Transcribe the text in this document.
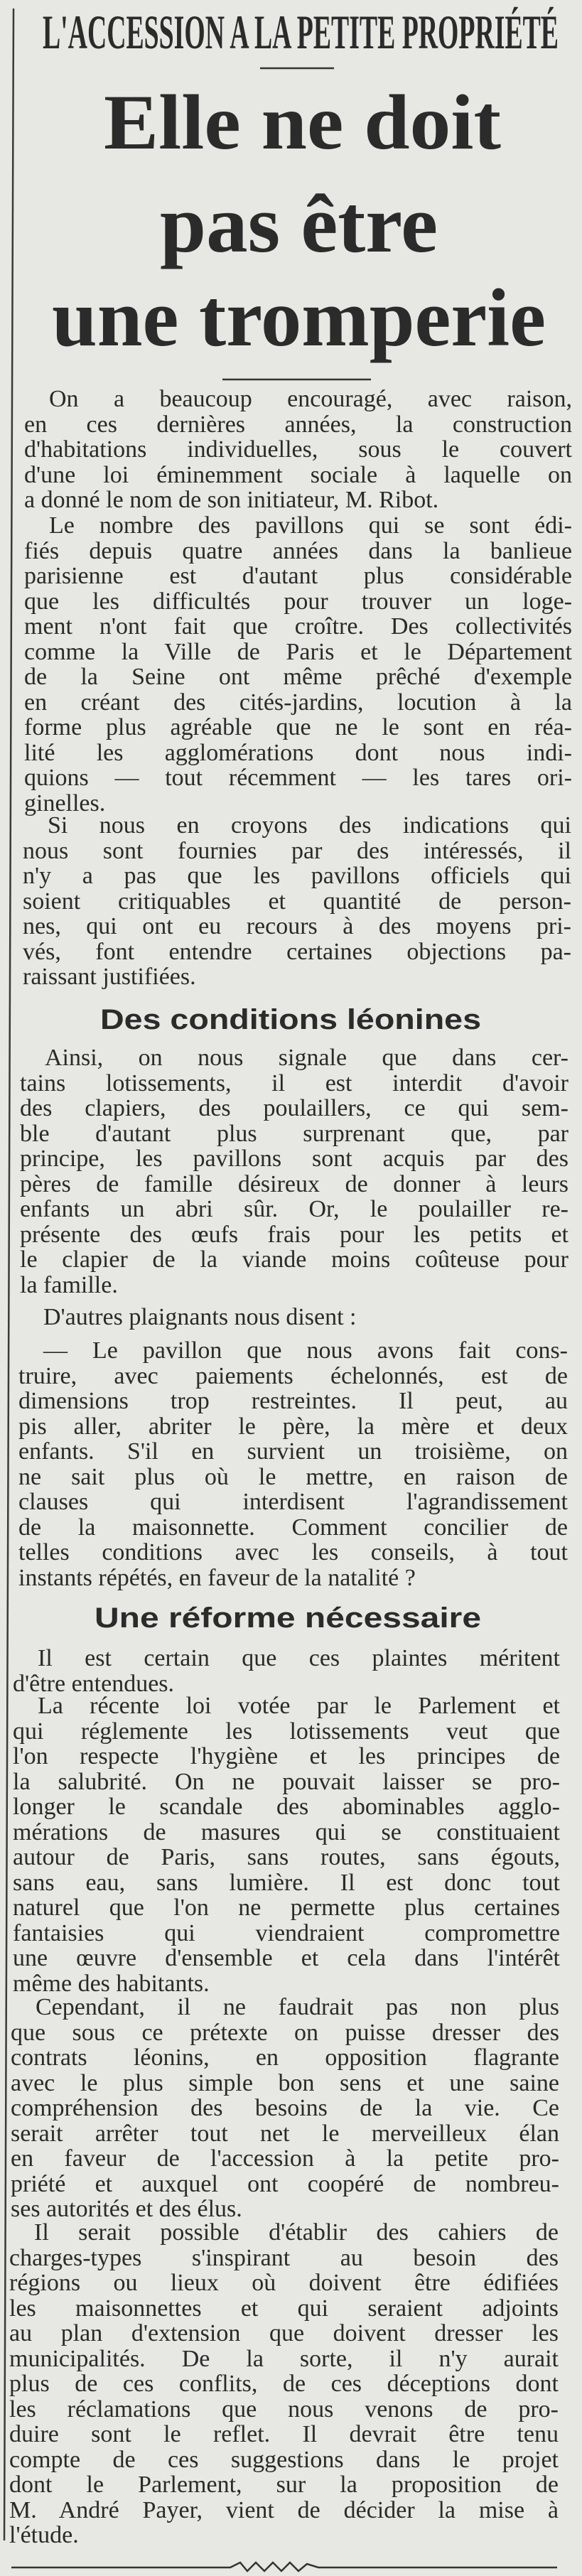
L'ACCESSION A LA PETITE PROPRIÉTÉ
Elle ne doit
pas être
une tromperie
On a beaucoup encouragé, avec raison,
en ces dernières années, la construction
d'habitations individuelles, sous le couvert
d'une loi éminemment sociale à laquelle on
a donné le nom de son initiateur, M. Ribot.
Le nombre des pavillons qui se sont édi-
fiés depuis quatre années dans la banlieue
parisienne est d'autant plus considérable
que les difficultés pour trouver un loge-
ment n'ont fait que croître. Des collectivités
comme la Ville de Paris et le Département
de la Seine ont même prêché d'exemple
en créant des cités-jardins, locution à la
forme plus agréable que ne le sont en réa-
lité les agglomérations dont nous indi-
quions — tout récemment — les tares ori-
ginelles.
Si nous en croyons des indications qui
nous sont fournies par des intéressés, il
n'y a pas que les pavillons officiels qui
soient critiquables et quantité de person-
nes, qui ont eu recours à des moyens pri-
vés, font entendre certaines objections pa-
raissant justifiées.
Des conditions léonines
Ainsi, on nous signale que dans cer-
tains lotissements, il est interdit d'avoir
des clapiers, des poulaillers, ce qui sem-
ble d'autant plus surprenant que, par
principe, les pavillons sont acquis par des
pères de famille désireux de donner à leurs
enfants un abri sûr. Or, le poulailler re-
présente des œufs frais pour les petits et
le clapier de la viande moins coûteuse pour
la famille.
D'autres plaignants nous disent :
— Le pavillon que nous avons fait cons-
truire, avec paiements échelonnés, est de
dimensions trop restreintes. Il peut, au
pis aller, abriter le père, la mère et deux
enfants. S'il en survient un troisième, on
ne sait plus où le mettre, en raison de
clauses qui interdisent l'agrandissement
de la maisonnette. Comment concilier de
telles conditions avec les conseils, à tout
instants répétés, en faveur de la natalité ?
Une réforme nécessaire
Il est certain que ces plaintes méritent
d'être entendues.
La récente loi votée par le Parlement et
qui réglemente les lotissements veut que
l'on respecte l'hygiène et les principes de
la salubrité. On ne pouvait laisser se pro-
longer le scandale des abominables agglo-
mérations de masures qui se constituaient
autour de Paris, sans routes, sans égouts,
sans eau, sans lumière. Il est donc tout
naturel que l'on ne permette plus certaines
fantaisies qui viendraient compromettre
une œuvre d'ensemble et cela dans l'intérêt
même des habitants.
Cependant, il ne faudrait pas non plus
que sous ce prétexte on puisse dresser des
contrats léonins, en opposition flagrante
avec le plus simple bon sens et une saine
compréhension des besoins de la vie. Ce
serait arrêter tout net le merveilleux élan
en faveur de l'accession à la petite pro-
priété et auxquel ont coopéré de nombreu-
ses autorités et des élus.
Il serait possible d'établir des cahiers de
charges-types s'inspirant au besoin des
régions ou lieux où doivent être édifiées
les maisonnettes et qui seraient adjoints
au plan d'extension que doivent dresser les
municipalités. De la sorte, il n'y aurait
plus de ces conflits, de ces déceptions dont
les réclamations que nous venons de pro-
duire sont le reflet. Il devrait être tenu
compte de ces suggestions dans le projet
dont le Parlement, sur la proposition de
M. André Payer, vient de décider la mise à
l'étude.
